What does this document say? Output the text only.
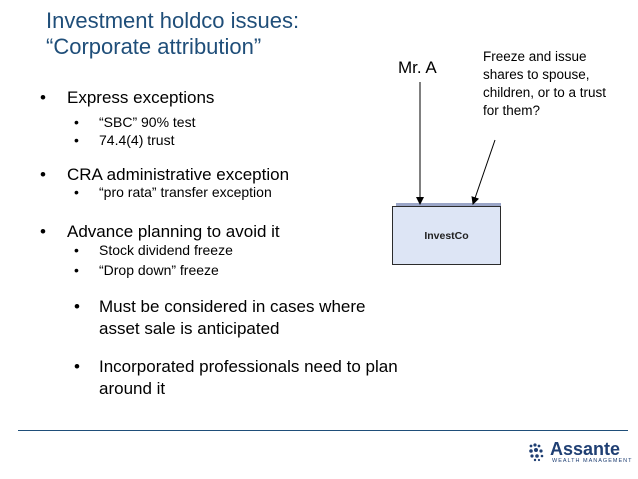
Investment holdco issues:
“Corporate attribution”
• Express exceptions
• “SBC” 90% test
• 74.4(4) trust
• CRA administrative exception
• “pro rata” transfer exception
• Advance planning to avoid it
• Stock dividend freeze
• “Drop down” freeze
• Must be considered in cases where
asset sale is anticipated
• Incorporated professionals need to plan
around it
Mr. A
Freeze and issue shares to spouse, children, or to a trust for them?
InvestCo
Assante
WEALTH MANAGEMENT
